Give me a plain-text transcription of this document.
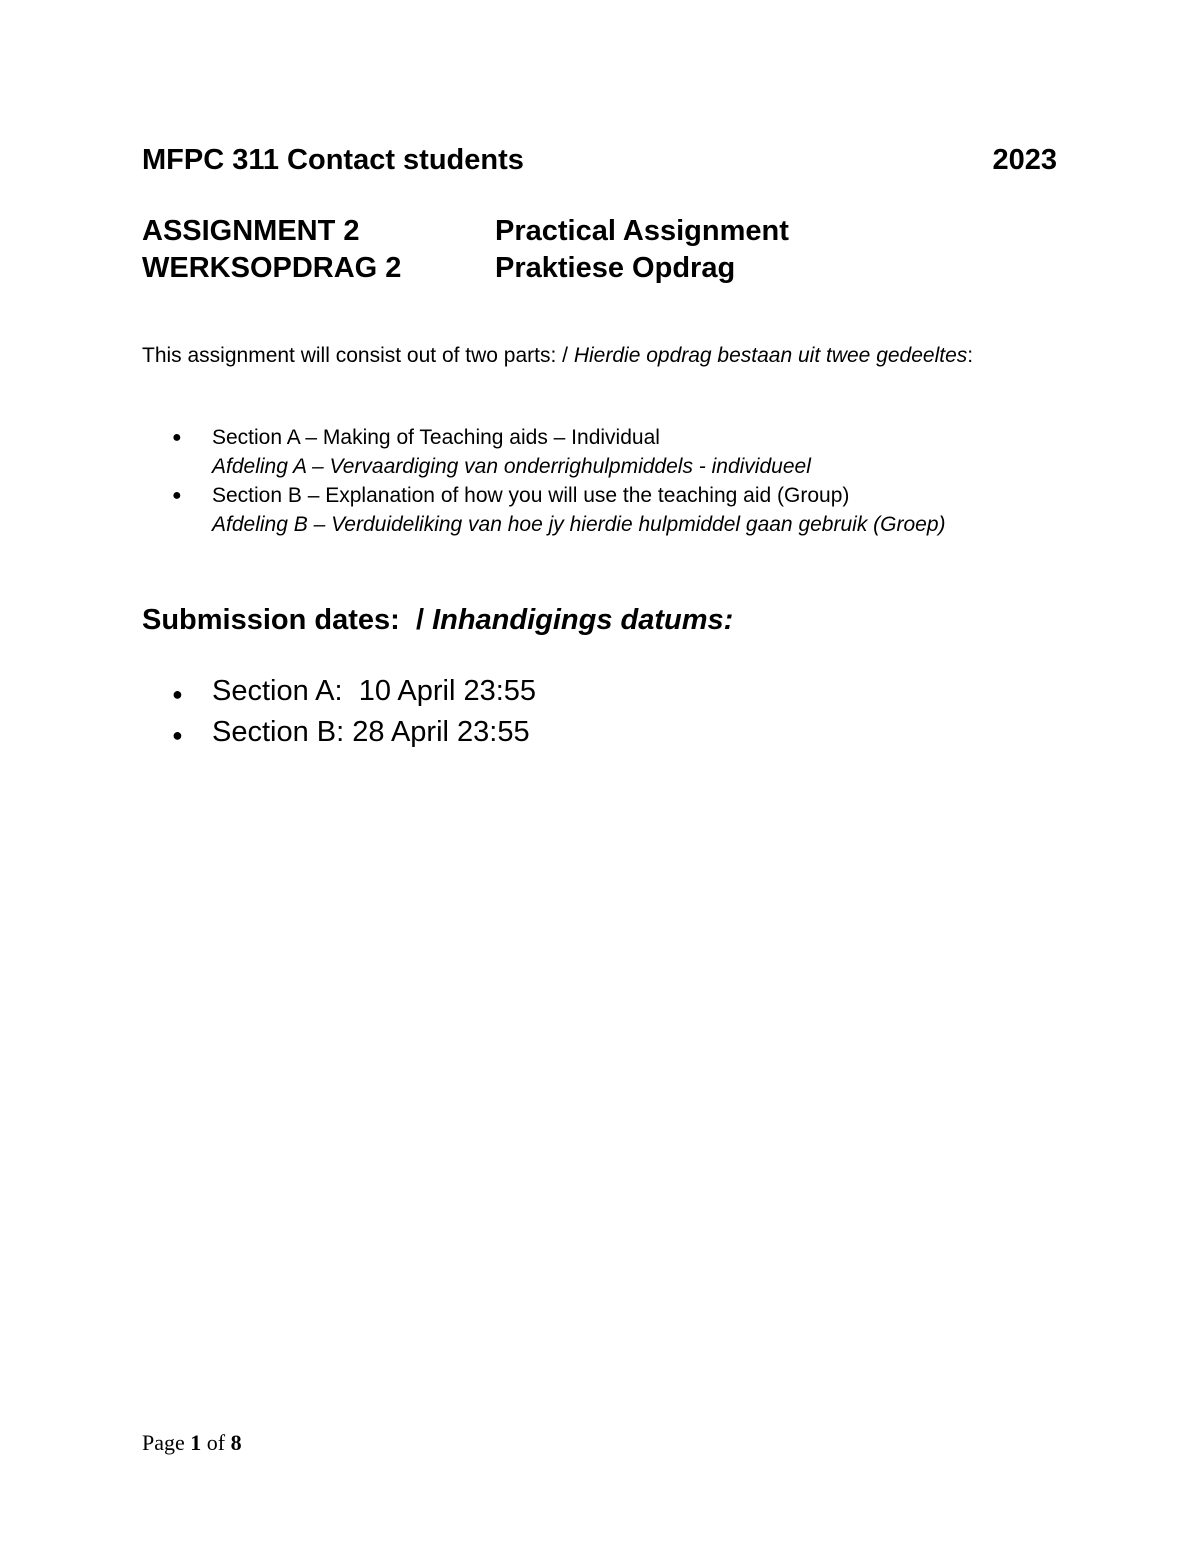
MFPC 311 Contact students	2023
ASSIGNMENT 2	Practical Assignment
WERKSOPDRAG 2	Praktiese Opdrag
This assignment will consist out of two parts: / Hierdie opdrag bestaan uit twee gedeeltes:
●	Section A – Making of Teaching aids – Individual
Afdeling A – Vervaardiging van onderrighulpmiddels - individueel
●	Section B – Explanation of how you will use the teaching aid (Group)
Afdeling B – Verduideliking van hoe jy hierdie hulpmiddel gaan gebruik (Groep)
Submission dates:  / Inhandigings datums:
●	Section A:  10 April 23:55
●	Section B: 28 April 23:55
Page 1 of 8
